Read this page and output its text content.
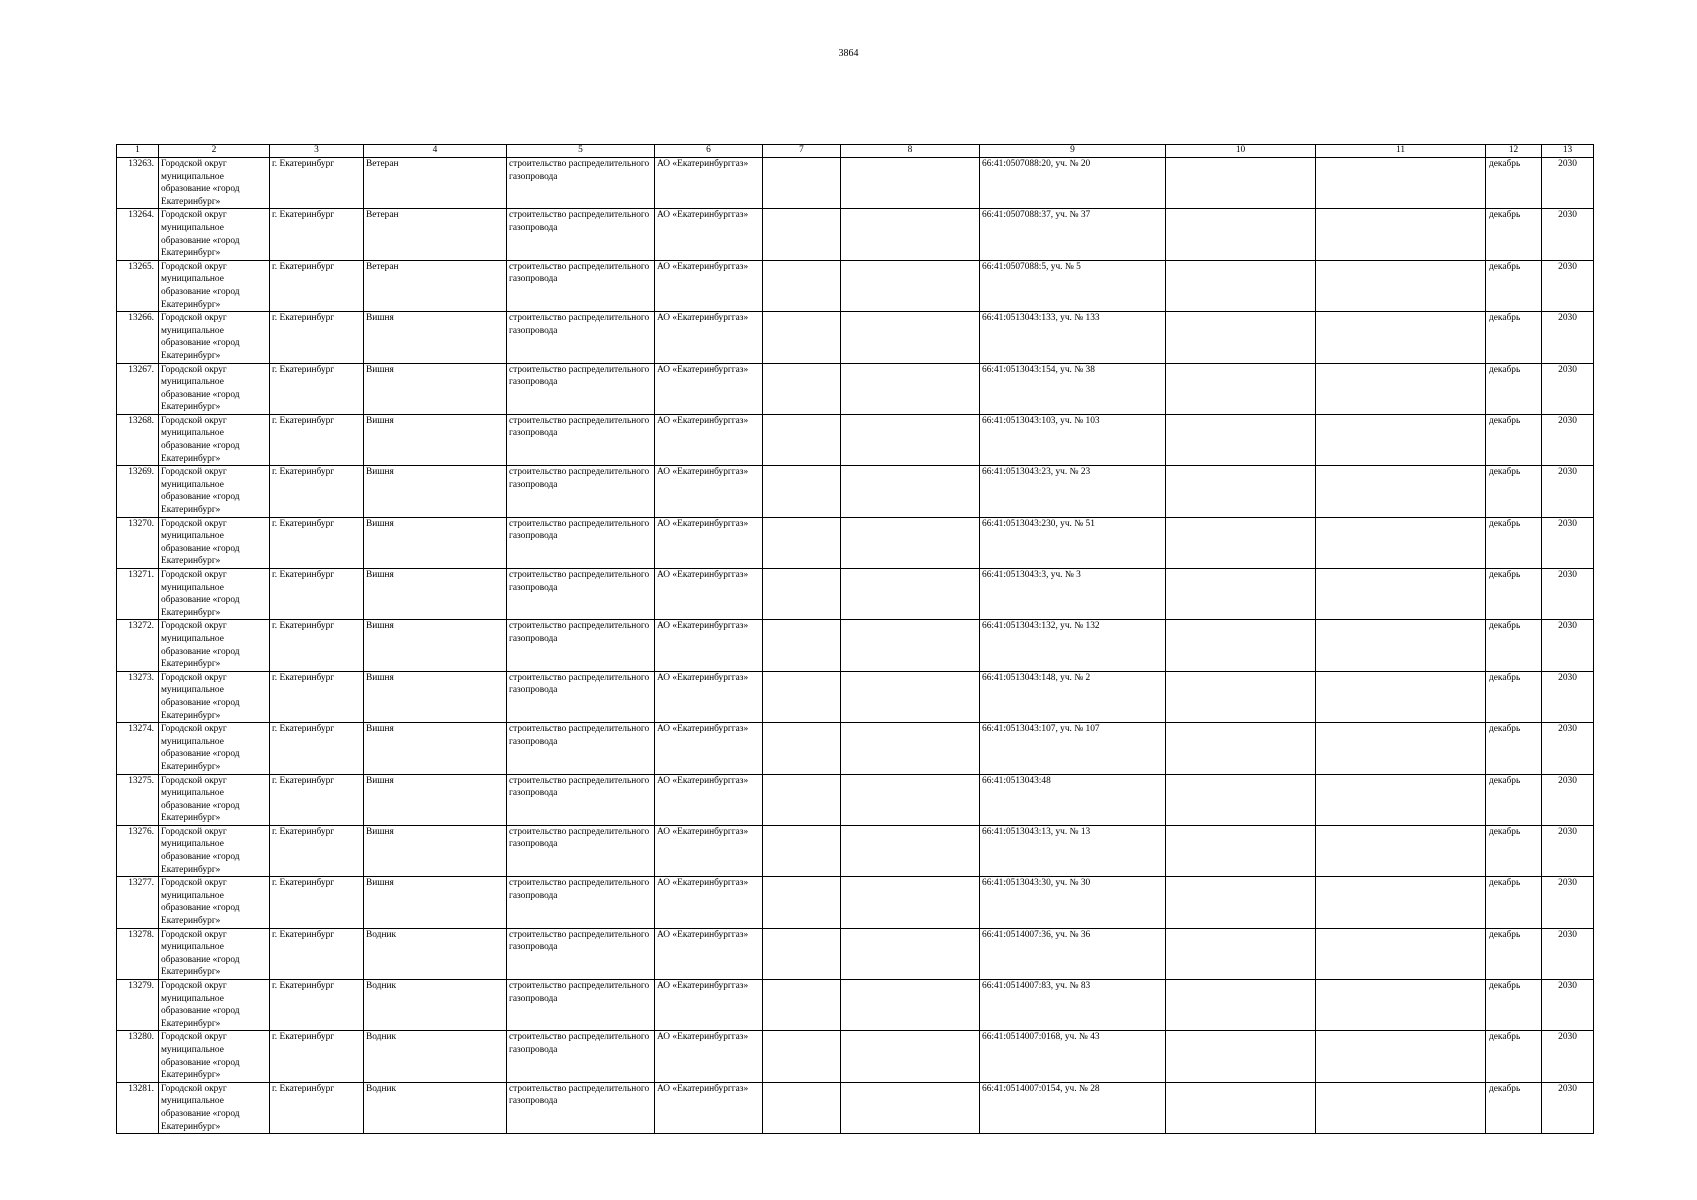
3864
1	2	3	4	5	6	7	8	9	10	11	12	13
13263.	Городской округ муниципальное образование «город Екатеринбург»	г. Екатеринбург	Ветеран	строительство распределительного газопровода	АО «Екатеринбурггаз»			66:41:0507088:20, уч. № 20			декабрь	2030
13264.	Городской округ муниципальное образование «город Екатеринбург»	г. Екатеринбург	Ветеран	строительство распределительного газопровода	АО «Екатеринбурггаз»			66:41:0507088:37, уч. № 37			декабрь	2030
13265.	Городской округ муниципальное образование «город Екатеринбург»	г. Екатеринбург	Ветеран	строительство распределительного газопровода	АО «Екатеринбурггаз»			66:41:0507088:5, уч. № 5			декабрь	2030
13266.	Городской округ муниципальное образование «город Екатеринбург»	г. Екатеринбург	Вишня	строительство распределительного газопровода	АО «Екатеринбурггаз»			66:41:0513043:133, уч. № 133			декабрь	2030
13267.	Городской округ муниципальное образование «город Екатеринбург»	г. Екатеринбург	Вишня	строительство распределительного газопровода	АО «Екатеринбурггаз»			66:41:0513043:154, уч. № 38			декабрь	2030
13268.	Городской округ муниципальное образование «город Екатеринбург»	г. Екатеринбург	Вишня	строительство распределительного газопровода	АО «Екатеринбурггаз»			66:41:0513043:103, уч. № 103			декабрь	2030
13269.	Городской округ муниципальное образование «город Екатеринбург»	г. Екатеринбург	Вишня	строительство распределительного газопровода	АО «Екатеринбурггаз»			66:41:0513043:23, уч. № 23			декабрь	2030
13270.	Городской округ муниципальное образование «город Екатеринбург»	г. Екатеринбург	Вишня	строительство распределительного газопровода	АО «Екатеринбурггаз»			66:41:0513043:230, уч. № 51			декабрь	2030
13271.	Городской округ муниципальное образование «город Екатеринбург»	г. Екатеринбург	Вишня	строительство распределительного газопровода	АО «Екатеринбурггаз»			66:41:0513043:3, уч. № 3			декабрь	2030
13272.	Городской округ муниципальное образование «город Екатеринбург»	г. Екатеринбург	Вишня	строительство распределительного газопровода	АО «Екатеринбурггаз»			66:41:0513043:132, уч. № 132			декабрь	2030
13273.	Городской округ муниципальное образование «город Екатеринбург»	г. Екатеринбург	Вишня	строительство распределительного газопровода	АО «Екатеринбурггаз»			66:41:0513043:148, уч. № 2			декабрь	2030
13274.	Городской округ муниципальное образование «город Екатеринбург»	г. Екатеринбург	Вишня	строительство распределительного газопровода	АО «Екатеринбурггаз»			66:41:0513043:107, уч. № 107			декабрь	2030
13275.	Городской округ муниципальное образование «город Екатеринбург»	г. Екатеринбург	Вишня	строительство распределительного газопровода	АО «Екатеринбурггаз»			66:41:0513043:48			декабрь	2030
13276.	Городской округ муниципальное образование «город Екатеринбург»	г. Екатеринбург	Вишня	строительство распределительного газопровода	АО «Екатеринбурггаз»			66:41:0513043:13, уч. № 13			декабрь	2030
13277.	Городской округ муниципальное образование «город Екатеринбург»	г. Екатеринбург	Вишня	строительство распределительного газопровода	АО «Екатеринбурггаз»			66:41:0513043:30, уч. № 30			декабрь	2030
13278.	Городской округ муниципальное образование «город Екатеринбург»	г. Екатеринбург	Водник	строительство распределительного газопровода	АО «Екатеринбурггаз»			66:41:0514007:36, уч. № 36			декабрь	2030
13279.	Городской округ муниципальное образование «город Екатеринбург»	г. Екатеринбург	Водник	строительство распределительного газопровода	АО «Екатеринбурггаз»			66:41:0514007:83, уч. № 83			декабрь	2030
13280.	Городской округ муниципальное образование «город Екатеринбург»	г. Екатеринбург	Водник	строительство распределительного газопровода	АО «Екатеринбурггаз»			66:41:0514007:0168, уч. № 43			декабрь	2030
13281.	Городской округ муниципальное образование «город Екатеринбург»	г. Екатеринбург	Водник	строительство распределительного газопровода	АО «Екатеринбурггаз»			66:41:0514007:0154, уч. № 28			декабрь	2030
